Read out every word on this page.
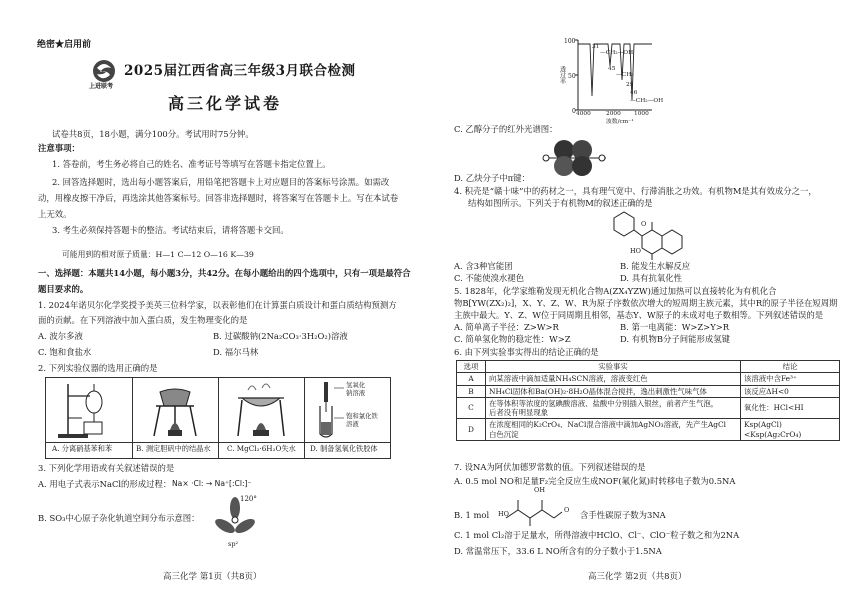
绝密★启用前
上进联考
2025届江西省高三年级3月联合检测
高三化学试卷
试卷共8页，18小题，满分100分。考试用时75分钟。
注意事项：
1. 答卷前，考生务必将自己的姓名、准考证号等填写在答题卡指定位置上。
2. 回答选择题时，选出每小题答案后，用铅笔把答题卡上对应题目的答案标号涂黑。如需改
动，用橡皮擦干净后，再选涂其他答案标号。回答非选择题时，将答案写在答题卡上。写在本试卷
上无效。
3. 考生必须保持答题卡的整洁。考试结束后，请将答题卡交回。
可能用到的相对原子质量：H—1 C—12 O—16 K—39
一、选择题：本题共14小题，每小题3分，共42分。在每小题给出的四个选项中，只有一项是最符合
题目要求的。
1. 2024年诺贝尔化学奖授予美英三位科学家，以表彰他们在计算蛋白质设计和蛋白质结构预测方
面的贡献。在下列溶液中加入蛋白质，发生物理变化的是
A. 波尔多液	B. 过碳酸钠(2Na₂CO₃·3H₂O₂)溶液
C. 饱和食盐水	D. 福尔马林
2. 下列实验仪器的选用正确的是
A. 分离硝基苯和苯	B. 测定胆矾中的结晶水 C. MgCl₂·6H₂O失水
氢氧化
钠溶液
饱和氯化铁
溶液
D. 制备氢氧化铁胶体
3. 下列化学用语或有关叙述错误的是
A. 用电子式表示NaCl的形成过程： Na× ·Cl: → Na⁺[:Cl:]⁻
B. SO₃中心原子杂化轨道空间分布示意图：
120°
sp²
高三化学 第1页（共8页）
100
50
0
透过率
4000	2000 1000
波数/cm⁻¹
31
—CH₂—OH
45
—CH₃
29
46
—CH₂—OH
C. 乙醇分子的红外光谱图：
D. 乙炔分子中π键：
4. 积壳是“赣十味”中的药材之一，具有理气宽中、行滞消胀之功效。有机物M是其有效成分之一，
结构如图所示。下列关于有机物M的叙述正确的是
O
HO
A. 含3种官能团	B. 能发生水解反应
C. 不能使溴水褪色	D. 具有抗氧化性
5. 1828年，化学家维勒发现无机化合物A(ZX₄YZW)通过加热可以直接转化为有机化合
物B[YW(ZX₂)₂]，X、Y、Z、W、R为原子序数依次增大的短周期主族元素，其中R的原子半径在短周期
主族中最大。Y、Z、W位于同周期且相邻，基态Y、W原子的未成对电子数相等。下列叙述错误的是
A. 简单离子半径：Z>W>R	B. 第一电离能：W>Z>Y>R
C. 简单氢化物的稳定性：W>Z	D. 有机物B分子间能形成氢键
6. 由下列实验事实得出的结论正确的是
选项	实验事实	结论
A	向某溶液中滴加适量NH₄SCN溶液，溶液变红色	该溶液中含Fe³⁺
B	NH₄Cl固体和Ba(OH)₂·8H₂O晶体混合搅拌，逸出刺激性气味气体	该反应ΔH<0
C	在等体积等浓度的氢碘酸溶液、盐酸中分别插入银丝，前者产生气泡，
后者没有明显现象	氧化性：HCl<HI
D	在浓度相同的K₂CrO₄、NaCl混合溶液中滴加AgNO₃溶液，先产生AgCl
白色沉淀	Ksp(AgCl)<Ksp(Ag₂CrO₄)
7. 设NA为阿伏加德罗常数的值。下列叙述错误的是
A. 0.5 mol NO和足量F₂完全反应生成NOF(氟化氮)时转移电子数为0.5NA
B. 1 mol
OH
HO	O 含手性碳原子数为3NA
C. 1 mol Cl₂溶于足量水，所得溶液中HClO、Cl⁻、ClO⁻粒子数之和为2NA
D. 常温常压下，33.6 L NO所含有的分子数小于1.5NA
高三化学 第2页（共8页）
